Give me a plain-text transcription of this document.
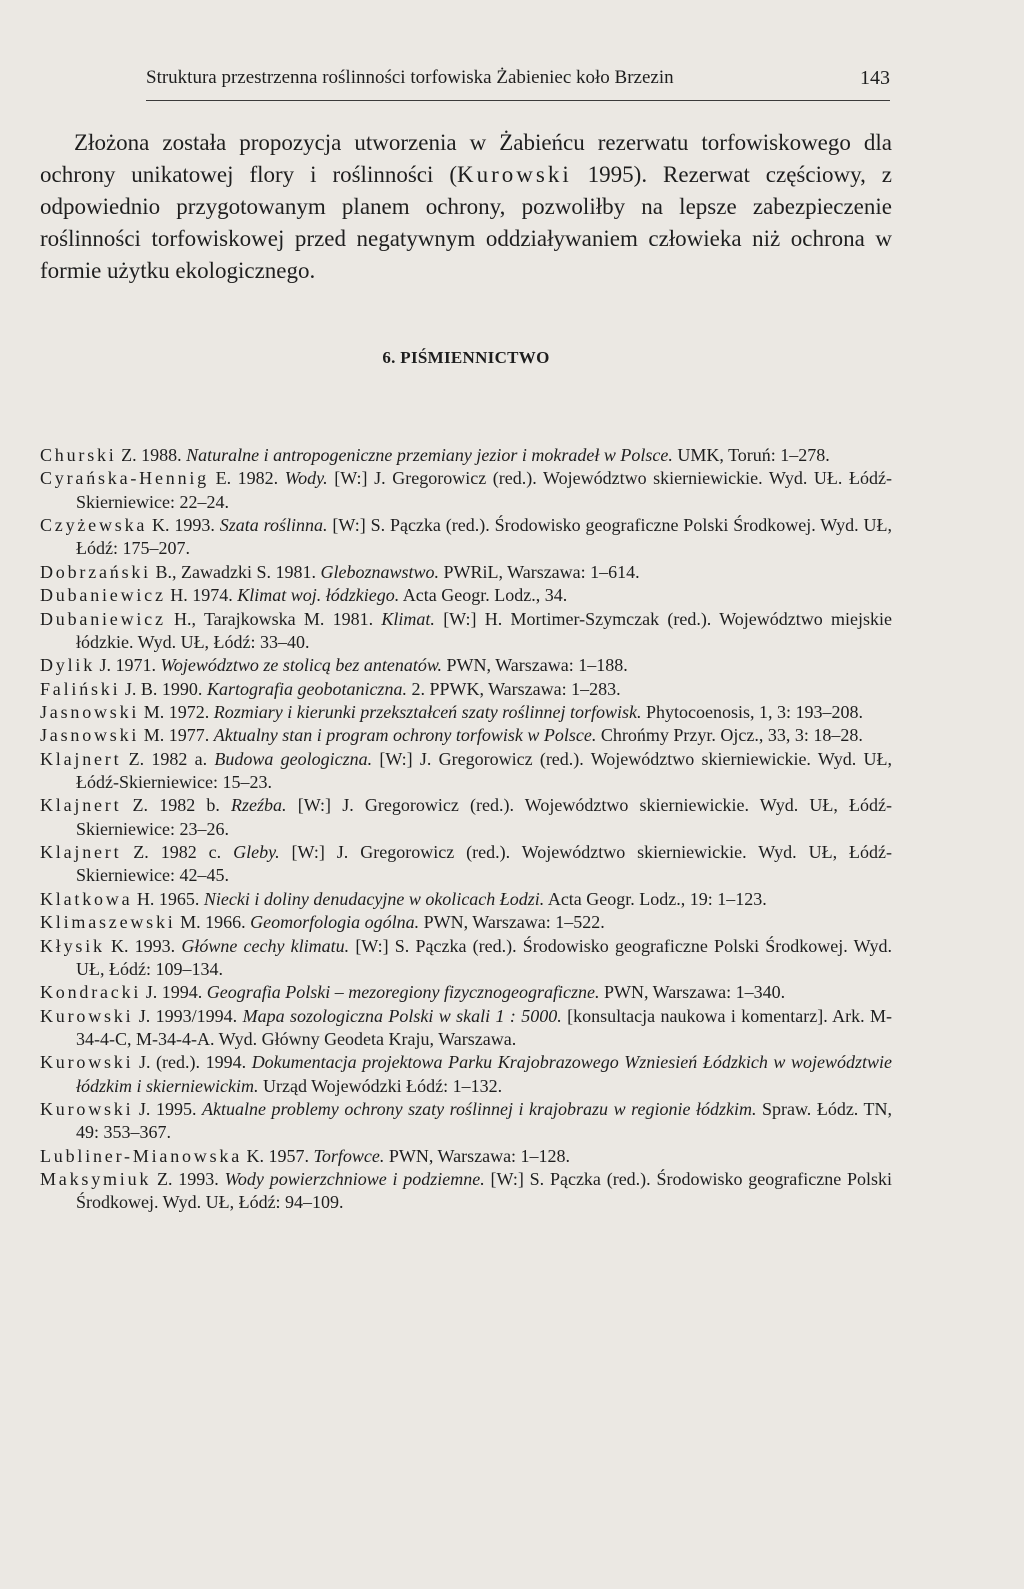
Struktura przestrzenna roślinności torfowiska Żabieniec koło Brzezin	143

Złożona została propozycja utworzenia w Żabieńcu rezerwatu torfowiskowego dla ochrony unikatowej flory i roślinności (Kurowski 1995). Rezerwat częściowy, z odpowiednio przygotowanym planem ochrony, pozwoliłby na lepsze zabezpieczenie roślinności torfowiskowej przed negatywnym oddziaływaniem człowieka niż ochrona w formie użytku ekologicznego.

6. PIŚMIENNICTWO

Churski Z. 1988. Naturalne i antropogeniczne przemiany jezior i mokradeł w Polsce. UMK, Toruń: 1–278.

Cyrańska-Hennig E. 1982. Wody. [W:] J. Gregorowicz (red.). Województwo skierniewickie. Wyd. UŁ. Łódź-Skierniewice: 22–24.

Czyżewska K. 1993. Szata roślinna. [W:] S. Pączka (red.). Środowisko geograficzne Polski Środkowej. Wyd. UŁ, Łódź: 175–207.

Dobrzański B., Zawadzki S. 1981. Gleboznawstwo. PWRiL, Warszawa: 1–614.

Dubaniewicz H. 1974. Klimat woj. łódzkiego. Acta Geogr. Lodz., 34.

Dubaniewicz H., Tarajkowska M. 1981. Klimat. [W:] H. Mortimer-Szymczak (red.). Województwo miejskie łódzkie. Wyd. UŁ, Łódź: 33–40.

Dylik J. 1971. Województwo ze stolicą bez antenatów. PWN, Warszawa: 1–188.

Faliński J. B. 1990. Kartografia geobotaniczna. 2. PPWK, Warszawa: 1–283.

Jasnowski M. 1972. Rozmiary i kierunki przekształceń szaty roślinnej torfowisk. Phytocoenosis, 1, 3: 193–208.

Jasnowski M. 1977. Aktualny stan i program ochrony torfowisk w Polsce. Chrońmy Przyr. Ojcz., 33, 3: 18–28.

Klajnert Z. 1982 a. Budowa geologiczna. [W:] J. Gregorowicz (red.). Województwo skierniewickie. Wyd. UŁ, Łódź-Skierniewice: 15–23.

Klajnert Z. 1982 b. Rzeźba. [W:] J. Gregorowicz (red.). Województwo skierniewickie. Wyd. UŁ, Łódź-Skierniewice: 23–26.

Klajnert Z. 1982 c. Gleby. [W:] J. Gregorowicz (red.). Województwo skierniewickie. Wyd. UŁ, Łódź-Skierniewice: 42–45.

Klatkowa H. 1965. Niecki i doliny denudacyjne w okolicach Łodzi. Acta Geogr. Lodz., 19: 1–123.

Klimaszewski M. 1966. Geomorfologia ogólna. PWN, Warszawa: 1–522.

Kłysik K. 1993. Główne cechy klimatu. [W:] S. Pączka (red.). Środowisko geograficzne Polski Środkowej. Wyd. UŁ, Łódź: 109–134.

Kondracki J. 1994. Geografia Polski – mezoregiony fizycznogeograficzne. PWN, Warszawa: 1–340.

Kurowski J. 1993/1994. Mapa sozologiczna Polski w skali 1 : 5000. [konsultacja naukowa i komentarz]. Ark. M-34-4-C, M-34-4-A. Wyd. Główny Geodeta Kraju, Warszawa.

Kurowski J. (red.). 1994. Dokumentacja projektowa Parku Krajobrazowego Wzniesień Łódzkich w województwie łódzkim i skierniewickim. Urząd Wojewódzki Łódź: 1–132.

Kurowski J. 1995. Aktualne problemy ochrony szaty roślinnej i krajobrazu w regionie łódzkim. Spraw. Łódz. TN, 49: 353–367.

Lubliner-Mianowska K. 1957. Torfowce. PWN, Warszawa: 1–128.

Maksymiuk Z. 1993. Wody powierzchniowe i podziemne. [W:] S. Pączka (red.). Środowisko geograficzne Polski Środkowej. Wyd. UŁ, Łódź: 94–109.
